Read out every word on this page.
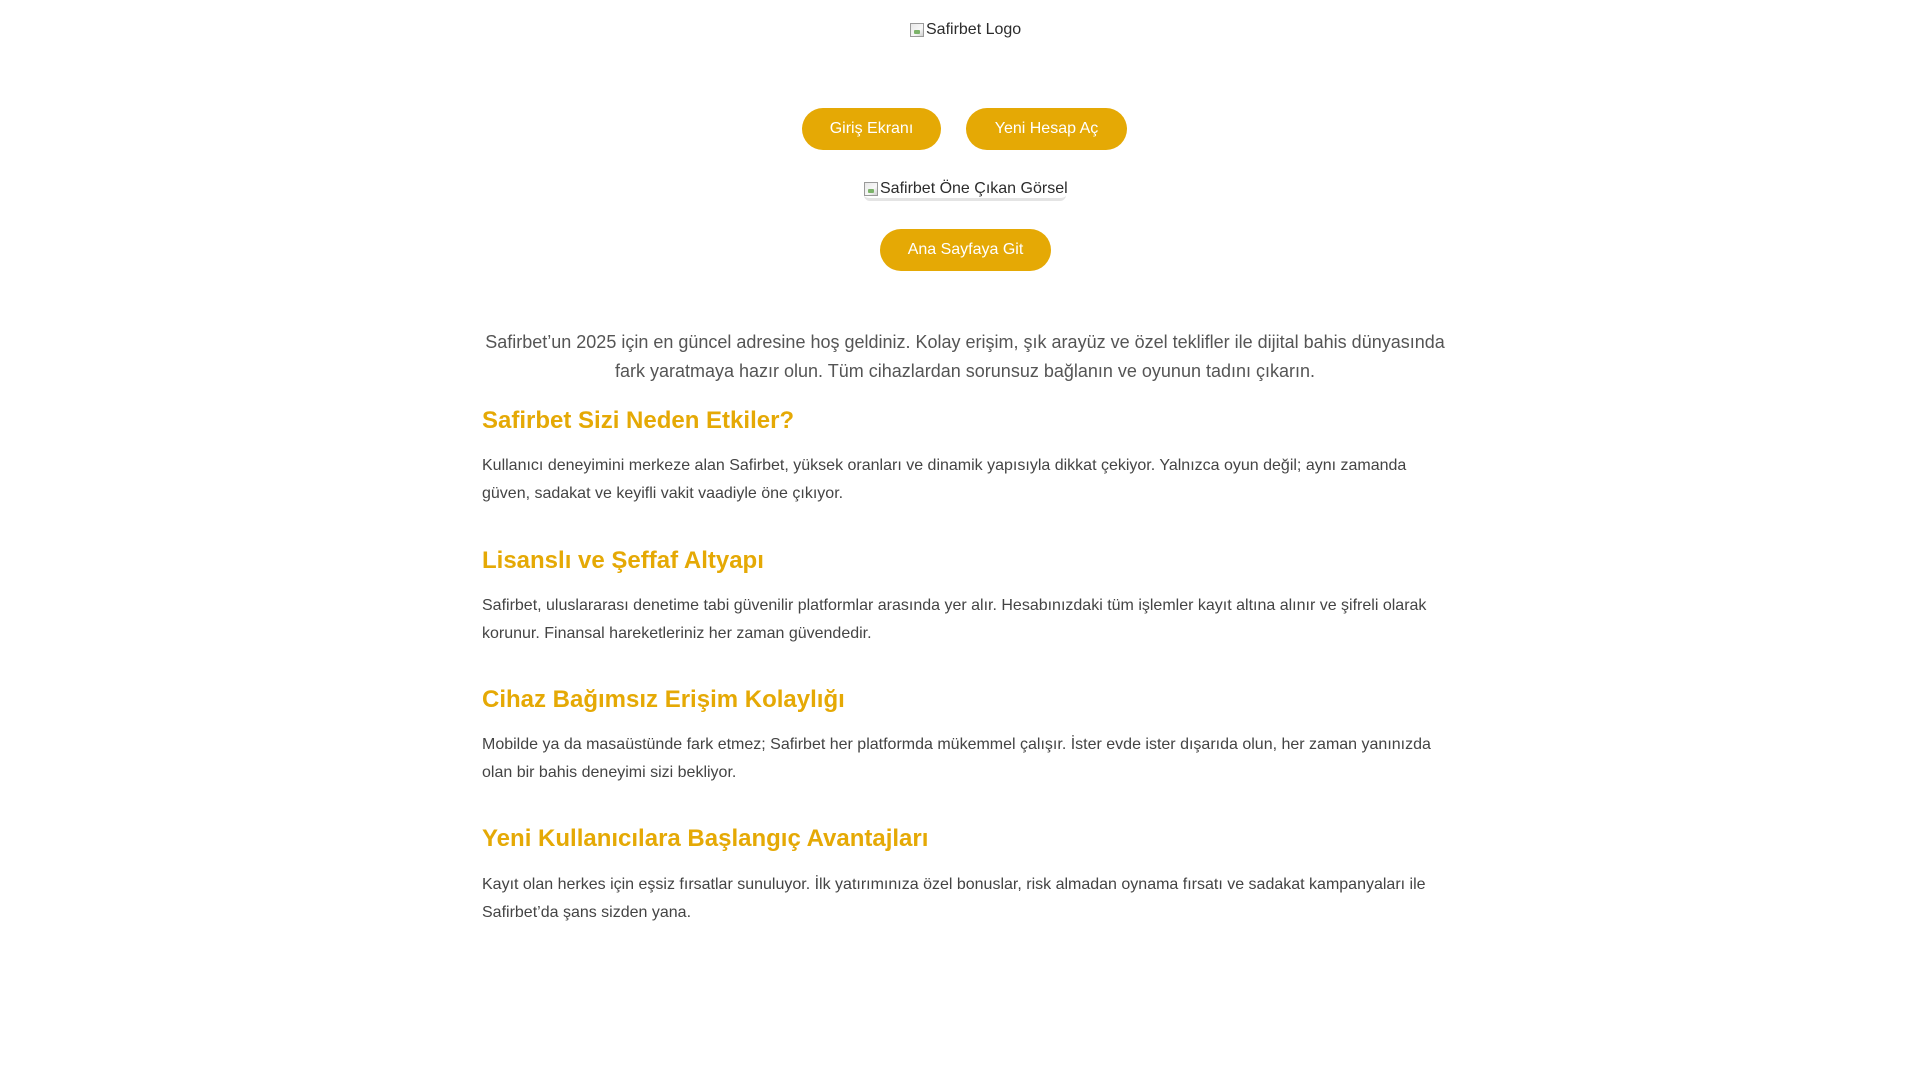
Safirbet Logo
Giriş Ekranı	Yeni Hesap Aç
Safirbet Öne Çıkan Görsel
Ana Sayfaya Git

Safirbet’un 2025 için en güncel adresine hoş geldiniz. Kolay erişim, şık arayüz ve özel teklifler ile dijital bahis dünyasında fark yaratmaya hazır olun. Tüm cihazlardan sorunsuz bağlanın ve oyunun tadını çıkarın.

Safirbet Sizi Neden Etkiler?

Kullanıcı deneyimini merkeze alan Safirbet, yüksek oranları ve dinamik yapısıyla dikkat çekiyor. Yalnızca oyun değil; aynı zamanda güven, sadakat ve keyifli vakit vaadiyle öne çıkıyor.

Lisanslı ve Şeffaf Altyapı

Safirbet, uluslararası denetime tabi güvenilir platformlar arasında yer alır. Hesabınızdaki tüm işlemler kayıt altına alınır ve şifreli olarak korunur. Finansal hareketleriniz her zaman güvendedir.

Cihaz Bağımsız Erişim Kolaylığı

Mobilde ya da masaüstünde fark etmez; Safirbet her platformda mükemmel çalışır. İster evde ister dışarıda olun, her zaman yanınızda olan bir bahis deneyimi sizi bekliyor.

Yeni Kullanıcılara Başlangıç Avantajları

Kayıt olan herkes için eşsiz fırsatlar sunuluyor. İlk yatırımınıza özel bonuslar, risk almadan oynama fırsatı ve sadakat kampanyaları ile Safirbet’da şans sizden yana.
